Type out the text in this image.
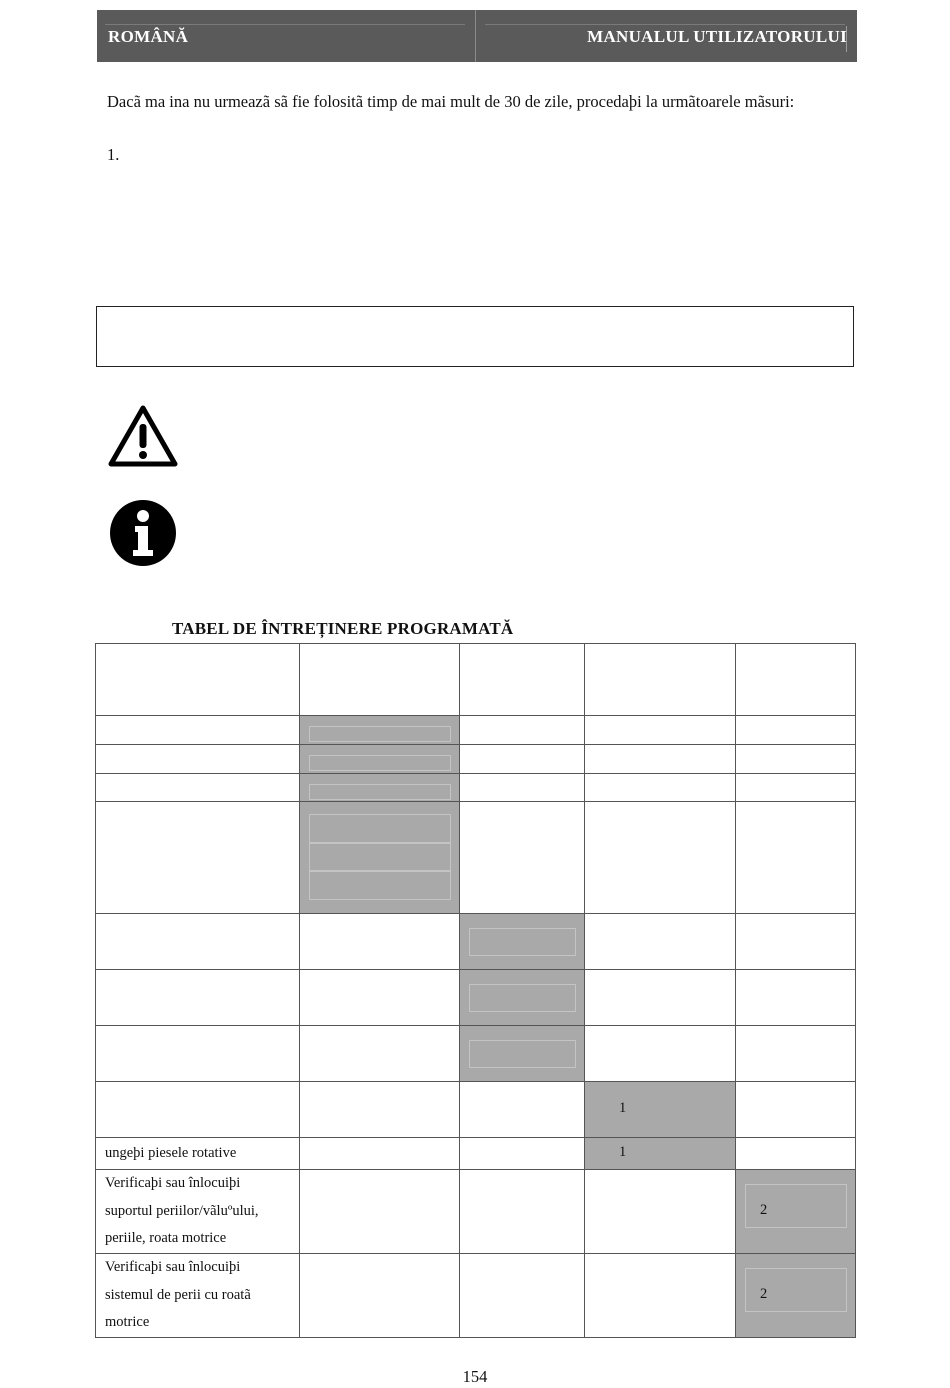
ROMÂNĂ	MANUALUL UTILIZATORULUI
Dacã ma ina nu urmeazã sã fie folositã timp de mai mult de 30 de zile, procedaþi la urmãtoarele mãsuri:
1.
TABEL DE ÎNTREȚINERE PROGRAMATĂ
1
ungeþi piesele rotative	1
Verificaþi sau înlocuiþi suportul periilor/vãluºului, periile, roata motrice
2
Verificaþi sau înlocuiþi sistemul de perii cu roatã motrice
2
154
